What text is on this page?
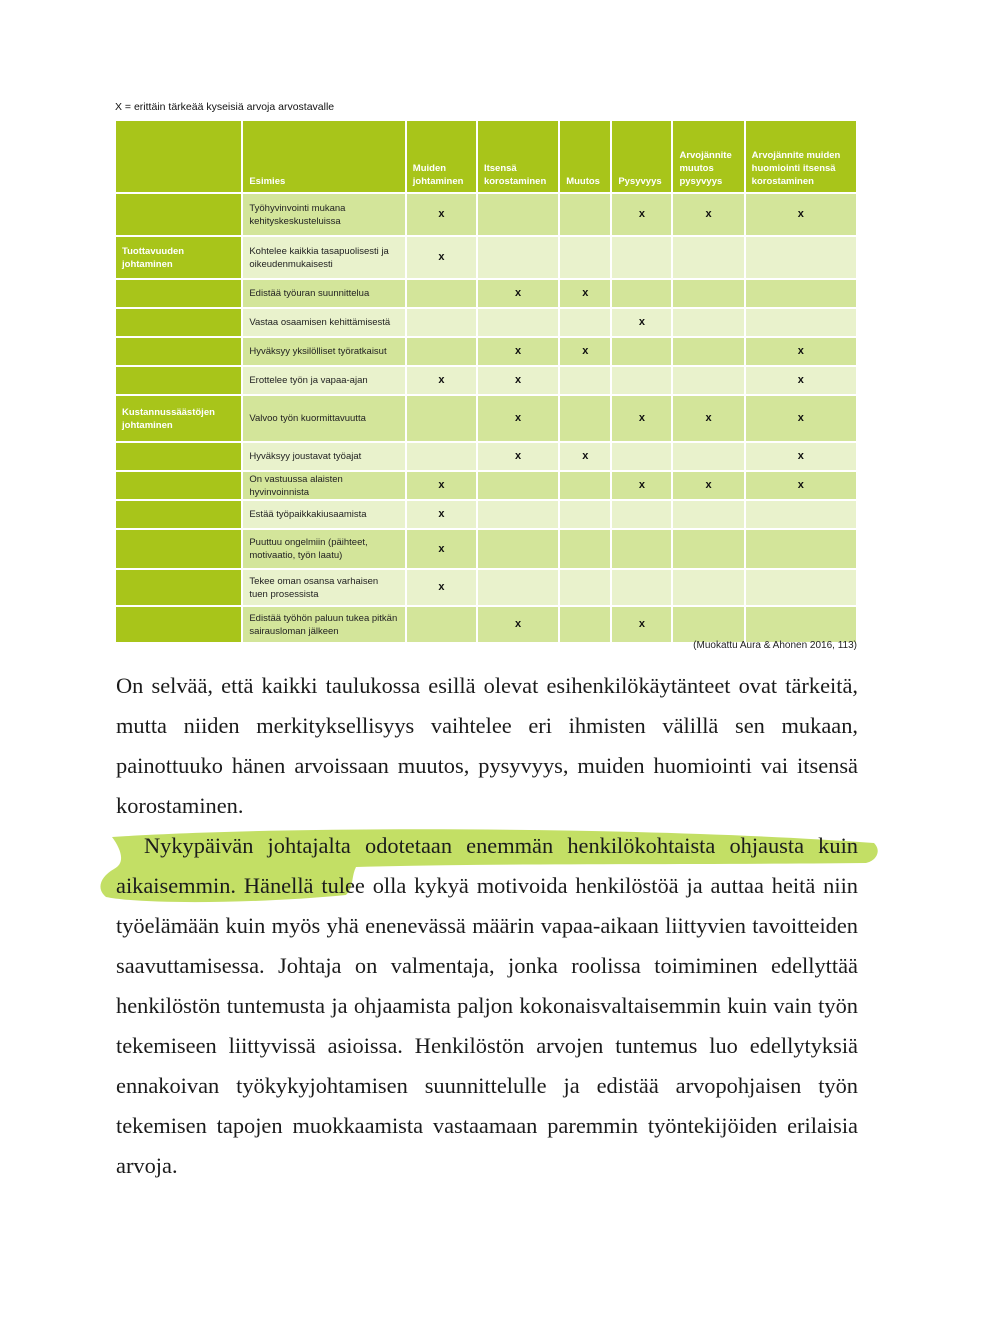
X = erittäin tärkeää kyseisiä arvoja arvostavalle
	Esimies	Muiden johtaminen	Itsensä korostaminen	Muutos	Pysyvyys	Arvojännite muutos pysyvyys	Arvojännite muiden huomiointi itsensä korostaminen
	Työhyvinvointi mukana kehityskeskusteluissa	x			x	x	x
Tuottavuuden johtaminen	Kohtelee kaikkia tasapuolisesti ja oikeudenmukaisesti	x					
	Edistää työuran suunnittelua		x	x			
	Vastaa osaamisen kehittämisestä				x		
	Hyväksyy yksilölliset työratkaisut		x	x			x
	Erottelee työn ja vapaa-ajan	x	x				x
Kustannussäästöjen johtaminen	Valvoo työn kuormittavuutta		x		x	x	x
	Hyväksyy joustavat työajat		x	x			x
	On vastuussa alaisten hyvinvoinnista	x			x	x	x
	Estää työpaikkakiusaamista	x					
	Puuttuu ongelmiin (päihteet, motivaatio, työn laatu)	x					
	Tekee oman osansa varhaisen tuen prosessista	x					
	Edistää työhön paluun tukea pitkän sairausloman jälkeen		x		x		
(Muokattu Aura & Ahonen 2016, 113)

On selvää, että kaikki taulukossa esillä olevat esihenkilökäytänteet ovat tärkeitä, mutta niiden merkityksellisyys vaihtelee eri ihmisten välillä sen mukaan, painottuuko hänen arvoissaan muutos, pysyvyys, muiden huomiointi vai itsensä korostaminen.

Nykypäivän johtajalta odotetaan enemmän henkilökohtaista ohjausta kuin aikaisemmin. Hänellä tulee olla kykyä motivoida henkilöstöä ja auttaa heitä niin työelämään kuin myös yhä enenevässä määrin vapaa-aikaan liittyvien tavoitteiden saavuttamisessa. Johtaja on valmentaja, jonka roolissa toimiminen edellyttää henkilöstön tuntemusta ja ohjaamista paljon kokonaisvaltaisemmin kuin vain työn tekemiseen liittyvissä asioissa. Henkilöstön arvojen tuntemus luo edellytyksiä ennakoivan työkykyjohtamisen suunnittelulle ja edistää arvopohjaisen työn tekemisen tapojen muokkaamista vastaamaan paremmin työntekijöiden erilaisia arvoja.
